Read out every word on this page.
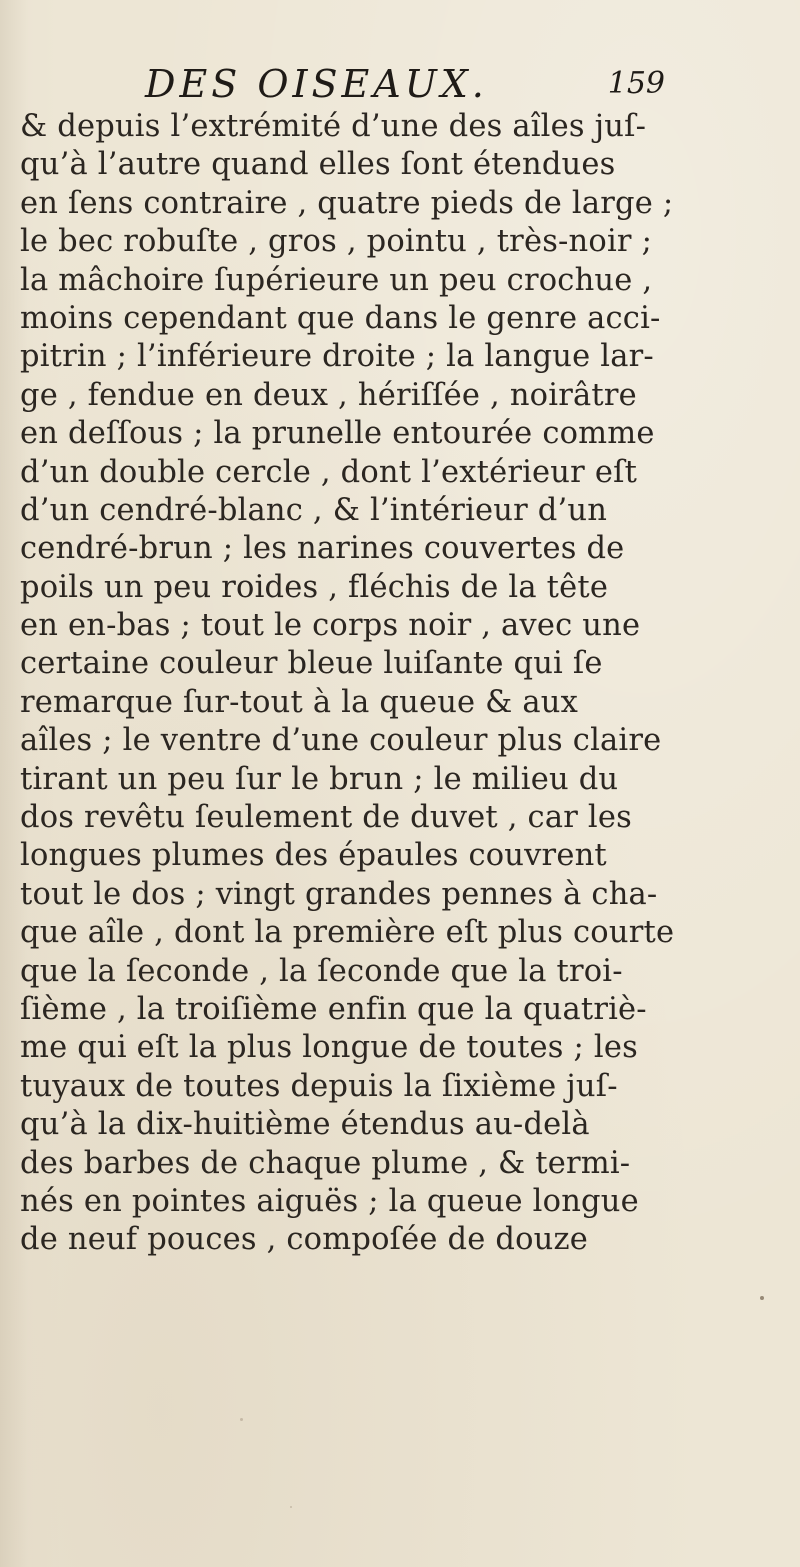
DES OISEAUX.	159
& depuis l’extrémité d’une des aîles juſ-
qu’à l’autre quand elles ſont étendues
en ſens contraire , quatre pieds de large ;
le bec robuſte , gros , pointu , très-noir ;
la mâchoire ſupérieure un peu crochue ,
moins cependant que dans le genre acci-
pitrin ; l’inférieure droite ; la langue lar-
ge , fendue en deux , hériſſée , noirâtre
en deſſous ; la prunelle entourée comme
d’un double cercle , dont l’extérieur eſt
d’un cendré-blanc , & l’intérieur d’un
cendré-brun ; les narines couvertes de
poils un peu roides , fléchis de la tête
en en-bas ; tout le corps noir , avec une
certaine couleur bleue luiſante qui ſe
remarque ſur-tout à la queue & aux
aîles ; le ventre d’une couleur plus claire
tirant un peu ſur le brun ; le milieu du
dos revêtu ſeulement de duvet , car les
longues plumes des épaules couvrent
tout le dos ; vingt grandes pennes à cha-
que aîle , dont la première eſt plus courte
que la ſeconde , la ſeconde que la troi-
ſième , la troiſième enfin que la quatriè-
me qui eſt la plus longue de toutes ; les
tuyaux de toutes depuis la ſixième juſ-
qu’à la dix-huitième étendus au-delà
des barbes de chaque plume , & termi-
nés en pointes aiguës ; la queue longue
de neuf pouces , compoſée de douze
